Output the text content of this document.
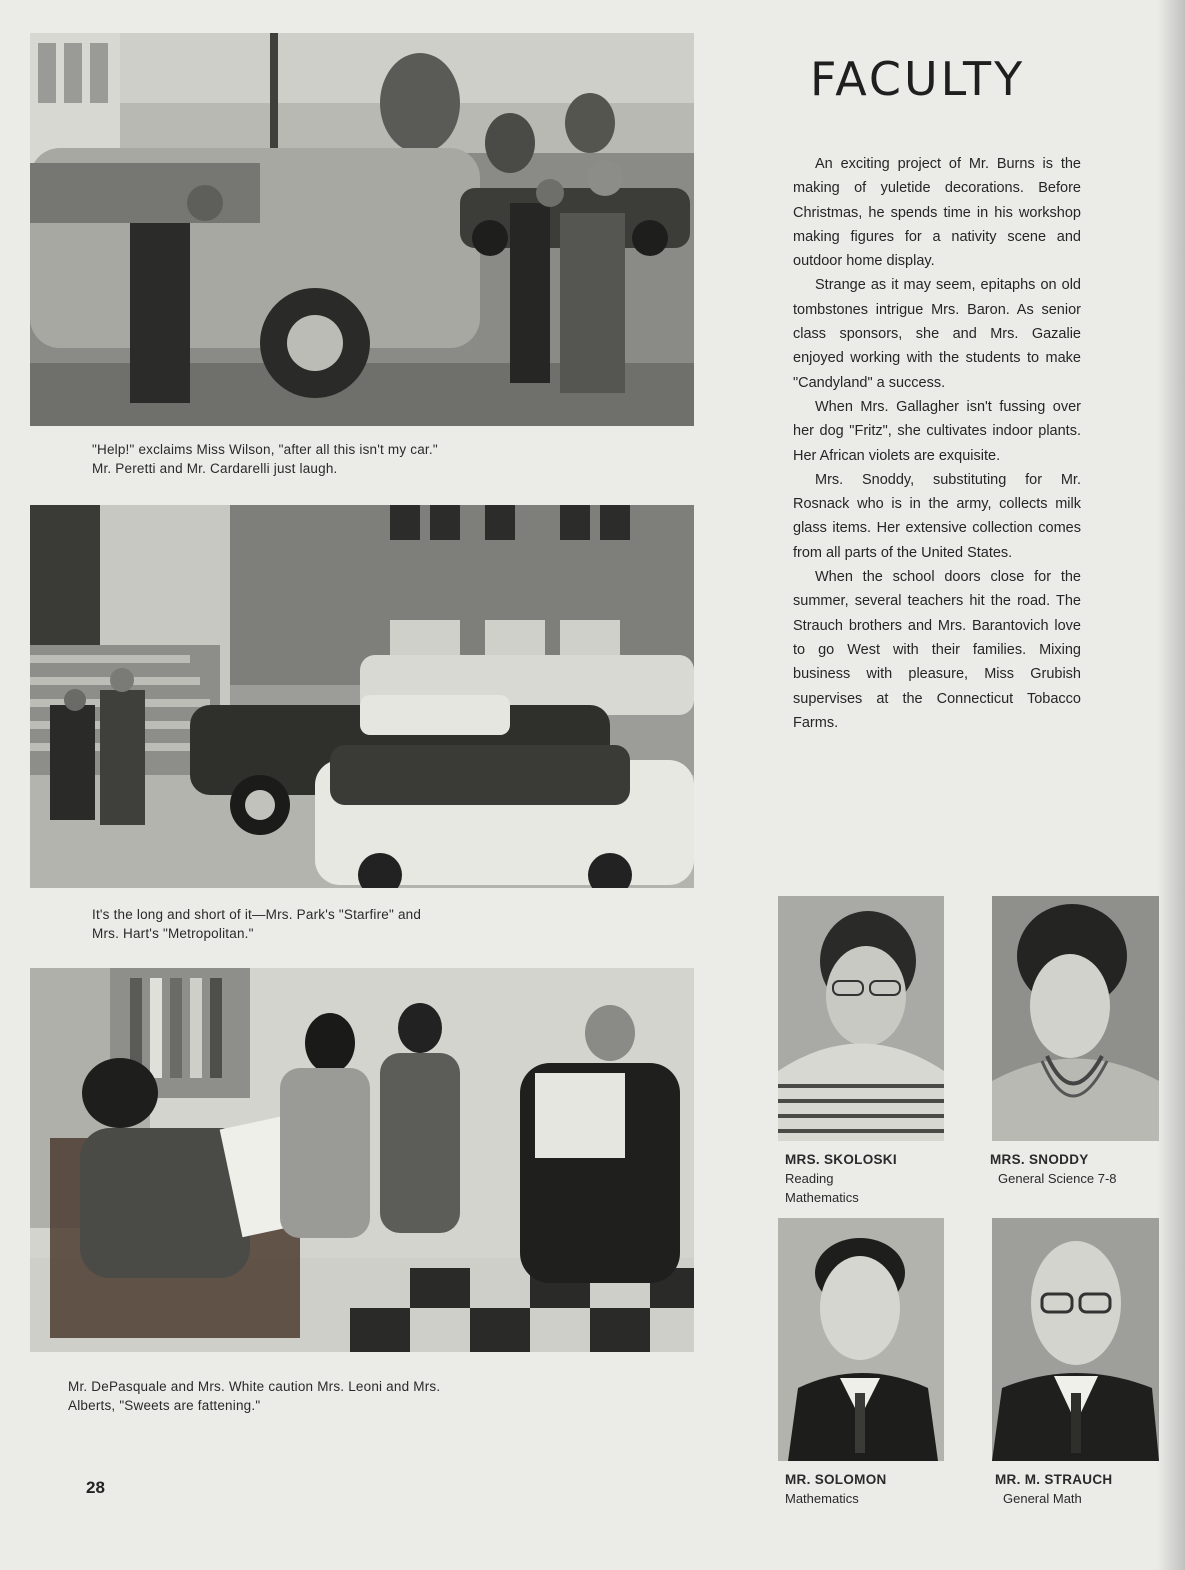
"Help!" exclaims Miss Wilson, "after all this isn't my car."
Mr. Peretti and Mr. Cardarelli just laugh.
It's the long and short of it—Mrs. Park's "Starfire" and
Mrs. Hart's "Metropolitan."
Mr. DePasquale and Mrs. White caution Mrs. Leoni and Mrs.
Alberts, "Sweets are fattening."
28
FACULTY

An exciting project of Mr. Burns is the making of yuletide decorations. Before Christmas, he spends time in his workshop making figures for a nativity scene and outdoor home display.

Strange as it may seem, epitaphs on old tombstones intrigue Mrs. Baron. As senior class sponsors, she and Mrs. Gazalie enjoyed working with the students to make "Candyland" a success.

When Mrs. Gallagher isn't fussing over her dog "Fritz", she cultivates indoor plants. Her African violets are exquisite.

Mrs. Snoddy, substituting for Mr. Rosnack who is in the army, collects milk glass items. Her extensive collection comes from all parts of the United States.

When the school doors close for the summer, several teachers hit the road. The Strauch brothers and Mrs. Barantovich love to go West with their families. Mixing business with pleasure, Miss Grubish supervises at the Connecticut Tobacco Farms.

MRS. SKOLOSKI
Reading
Mathematics
MRS. SNODDY
General Science 7-8
MR. SOLOMON
Mathematics
MR. M. STRAUCH
General Math
